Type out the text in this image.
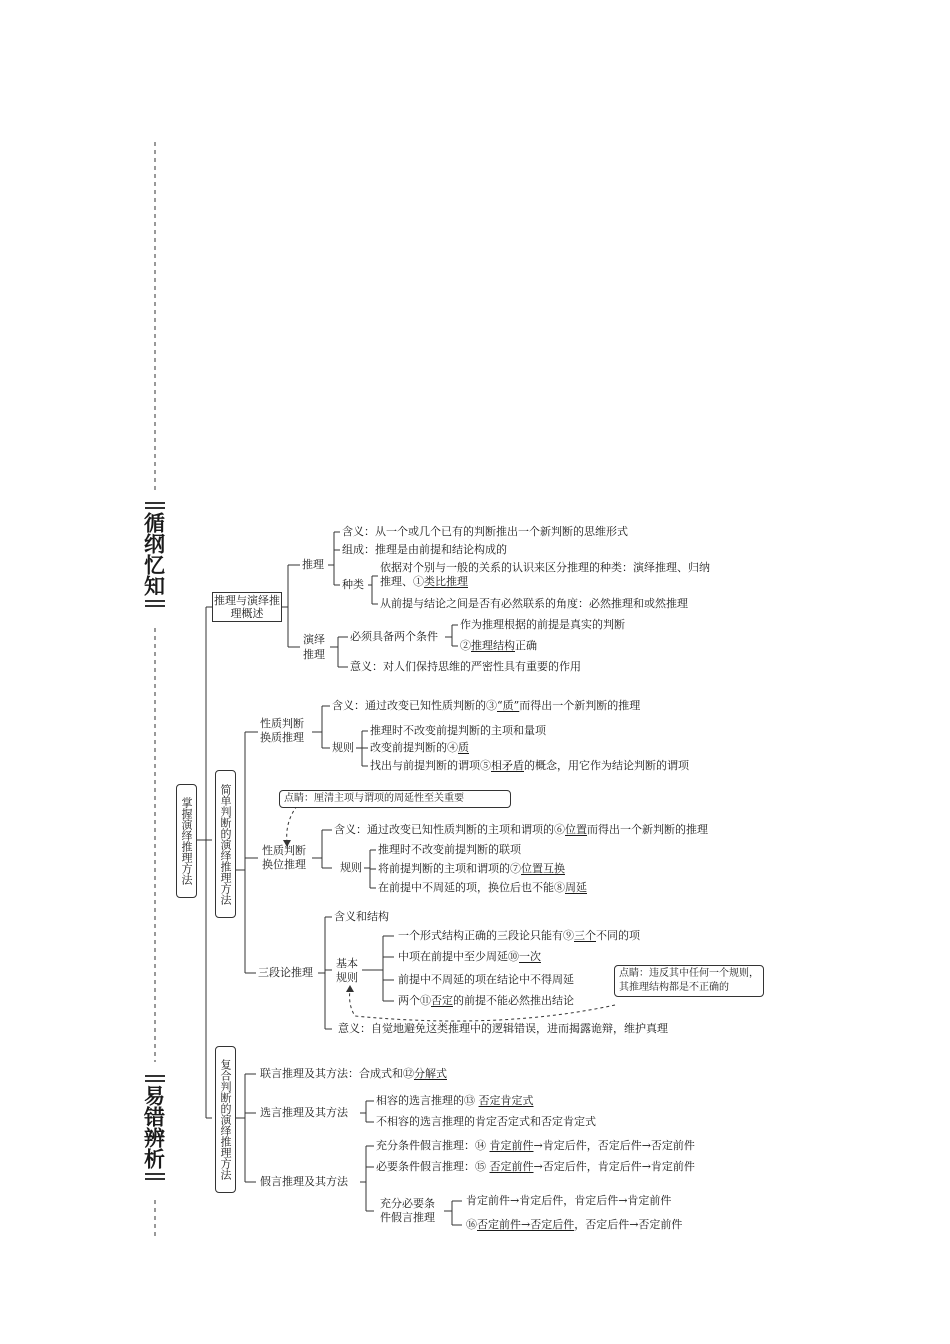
循纲忆知
易错辨析
掌握演绎推理方法
推理与演绎推理概述
推理
含义：从一个或几个已有的判断推出一个新判断的思维形式
组成：推理是由前提和结论构成的
种类
依据对个别与一般的关系的认识来区分推理的种类：演绎推理、归纳
推理、①类比推理
从前提与结论之间是否有必然联系的角度：必然推理和或然推理
演绎
推理
必须具备两个条件
作为推理根据的前提是真实的判断
②推理结构正确
意义：对人们保持思维的严密性具有重要的作用
简单判断的演绎推理方法
性质判断
换质推理
含义：通过改变已知性质判断的③“质”而得出一个新判断的推理
规则
推理时不改变前提判断的主项和量项
改变前提判断的④质
找出与前提判断的谓项⑤相矛盾的概念，用它作为结论判断的谓项
点睛：厘清主项与谓项的周延性至关重要
性质判断
换位推理
含义：通过改变已知性质判断的主项和谓项的⑥位置而得出一个新判断的推理
规则
推理时不改变前提判断的联项
将前提判断的主项和谓项的⑦位置互换
在前提中不周延的项，换位后也不能⑧周延
三段论推理
含义和结构
基本
规则
一个形式结构正确的三段论只能有⑨三个不同的项
中项在前提中至少周延⑩一次
前提中不周延的项在结论中不得周延
两个⑪否定的前提不能必然推出结论
点睛：违反其中任何一个规则，其推理结构都是不正确的
意义：自觉地避免这类推理中的逻辑错误，进而揭露诡辩，维护真理
复合判断的演绎推理方法	联言推理及其方法：合成式和⑫分解式
选言推理及其方法
相容的选言推理的⑬ 否定肯定式
不相容的选言推理的肯定否定式和否定肯定式
假言推理及其方法
充分条件假言推理：⑭ 肯定前件→肯定后件，否定后件→否定前件
必要条件假言推理：⑮ 否定前件→否定后件，肯定后件→肯定前件
充分必要条
件假言推理
肯定前件→肯定后件，肯定后件→肯定前件
⑯否定前件→否定后件，否定后件→否定前件
